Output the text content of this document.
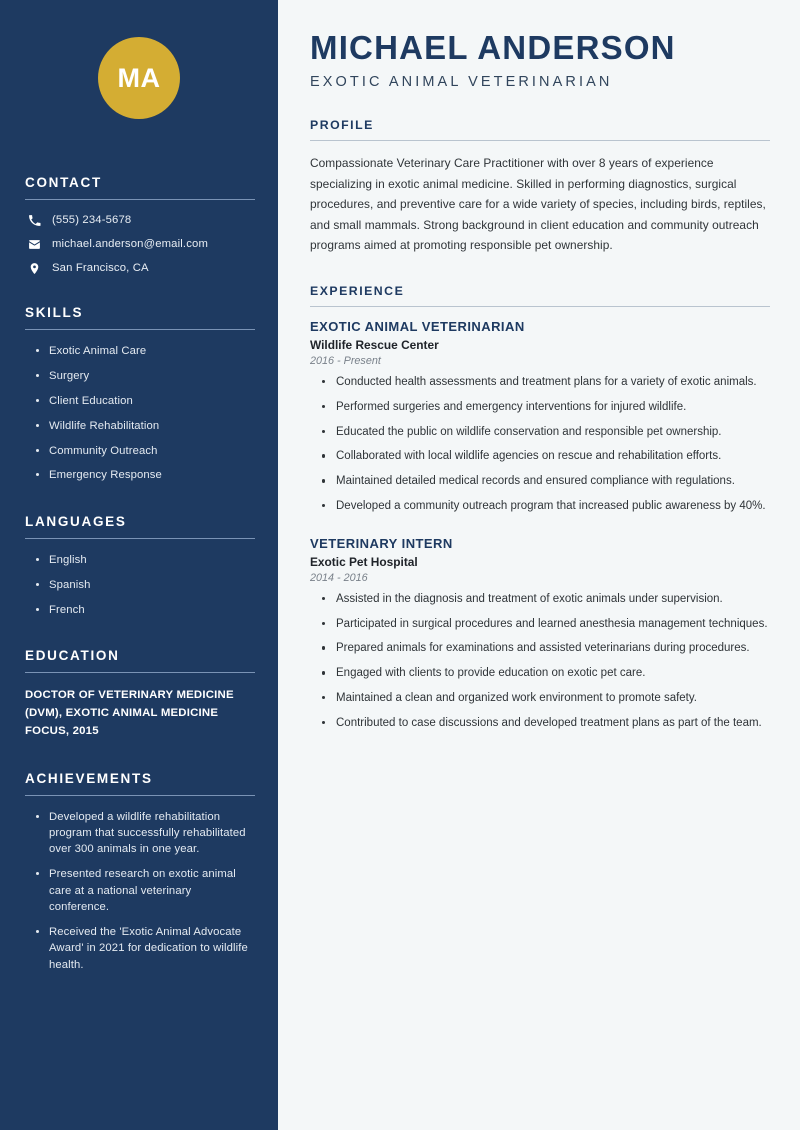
MA
CONTACT
(555) 234-5678
michael.anderson@email.com
San Francisco, CA
SKILLS
Exotic Animal Care
Surgery
Client Education
Wildlife Rehabilitation
Community Outreach
Emergency Response
LANGUAGES
English
Spanish
French
EDUCATION
DOCTOR OF VETERINARY MEDICINE (DVM), EXOTIC ANIMAL MEDICINE FOCUS, 2015
ACHIEVEMENTS
Developed a wildlife rehabilitation program that successfully rehabilitated over 300 animals in one year.
Presented research on exotic animal care at a national veterinary conference.
Received the 'Exotic Animal Advocate Award' in 2021 for dedication to wildlife health.
MICHAEL ANDERSON
EXOTIC ANIMAL VETERINARIAN
PROFILE

Compassionate Veterinary Care Practitioner with over 8 years of experience specializing in exotic animal medicine. Skilled in performing diagnostics, surgical procedures, and preventive care for a wide variety of species, including birds, reptiles, and small mammals. Strong background in client education and community outreach programs aimed at promoting responsible pet ownership.

EXPERIENCE
EXOTIC ANIMAL VETERINARIAN
Wildlife Rescue Center
2016 - Present
Conducted health assessments and treatment plans for a variety of exotic animals.
Performed surgeries and emergency interventions for injured wildlife.
Educated the public on wildlife conservation and responsible pet ownership.
Collaborated with local wildlife agencies on rescue and rehabilitation efforts.
Maintained detailed medical records and ensured compliance with regulations.
Developed a community outreach program that increased public awareness by 40%.
VETERINARY INTERN
Exotic Pet Hospital
2014 - 2016
Assisted in the diagnosis and treatment of exotic animals under supervision.
Participated in surgical procedures and learned anesthesia management techniques.
Prepared animals for examinations and assisted veterinarians during procedures.
Engaged with clients to provide education on exotic pet care.
Maintained a clean and organized work environment to promote safety.
Contributed to case discussions and developed treatment plans as part of the team.
